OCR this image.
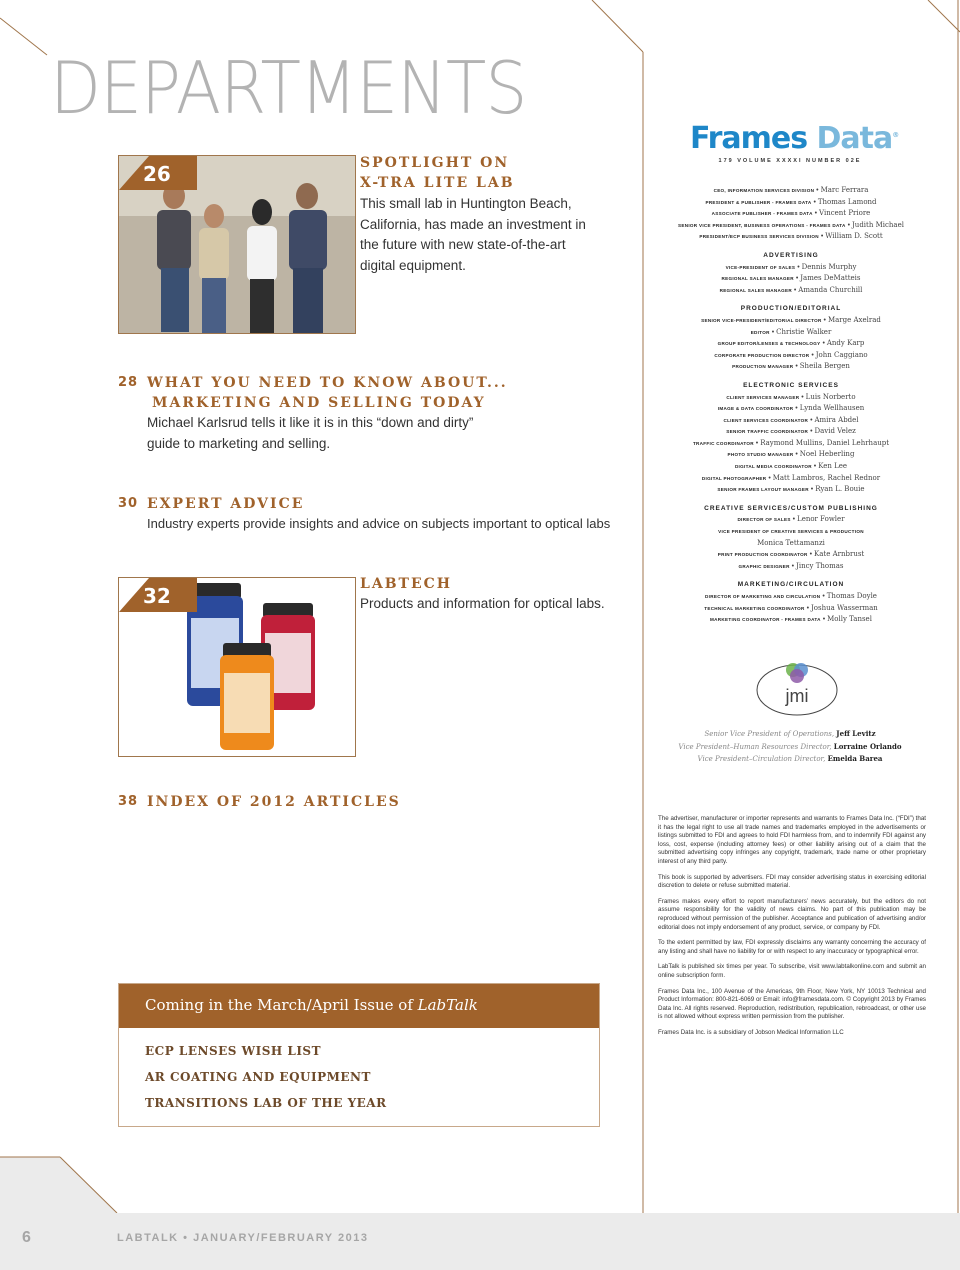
DEPARTMENTS
26	SPOTLIGHT ON
X-TRA LITE LAB
This small lab in Huntington Beach,
California, has made an investment in
the future with new state-of-the-art
digital equipment.
28 WHAT YOU NEED TO KNOW ABOUT...
MARKETING AND SELLING TODAY
Michael Karlsrud tells it like it is in this “down and dirty”
guide to marketing and selling.
30 EXPERT ADVICE
Industry experts provide insights and advice on subjects important to optical labs
32	LABTECH
Products and information for optical labs.
38 INDEX OF 2012 ARTICLES
Coming in the March/April Issue of LabTalk
ECP LENSES WISH LIST
AR COATING AND EQUIPMENT
TRANSITIONS LAB OF THE YEAR
6	LABTALK • JANUARY/FEBRUARY 2013
Frames Data®
179 VOLUME XXXXI NUMBER 02E
CEO, INFORMATION SERVICES DIVISION • Marc Ferrara
PRESIDENT & PUBLISHER - FRAMES DATA • Thomas Lamond
ASSOCIATE PUBLISHER - FRAMES DATA • Vincent Priore
SENIOR VICE PRESIDENT, BUSINESS OPERATIONS - FRAMES DATA • Judith Michael
PRESIDENT/ECP BUSINESS SERVICES DIVISION • William D. Scott
ADVERTISING
VICE-PRESIDENT OF SALES • Dennis Murphy
REGIONAL SALES MANAGER • James DeMatteis
REGIONAL SALES MANAGER • Amanda Churchill
PRODUCTION/EDITORIAL
SENIOR VICE-PRESIDENT/EDITORIAL DIRECTOR • Marge Axelrad
EDITOR • Christie Walker
GROUP EDITOR/LENSES & TECHNOLOGY • Andy Karp
CORPORATE PRODUCTION DIRECTOR • John Caggiano
PRODUCTION MANAGER • Sheila Bergen
ELECTRONIC SERVICES
CLIENT SERVICES MANAGER • Luis Norberto
IMAGE & DATA COORDINATOR • Lynda Wellhausen
CLIENT SERVICES COORDINATOR • Amira Abdel
SENIOR TRAFFIC COORDINATOR • David Velez
TRAFFIC COORDINATOR • Raymond Mullins, Daniel Lehrhaupt
PHOTO STUDIO MANAGER • Noel Heberling
DIGITAL MEDIA COORDINATOR • Ken Lee
DIGITAL PHOTOGRAPHER • Matt Lambros, Rachel Rednor
SENIOR FRAMES LAYOUT MANAGER • Ryan L. Bouie
CREATIVE SERVICES/CUSTOM PUBLISHING
DIRECTOR OF SALES • Lenor Fowler
VICE PRESIDENT OF CREATIVE SERVICES & PRODUCTION
Monica Tettamanzi
PRINT PRODUCTION COORDINATOR • Kate Arnbrust
GRAPHIC DESIGNER • Jincy Thomas
MARKETING/CIRCULATION
DIRECTOR OF MARKETING AND CIRCULATION • Thomas Doyle
TECHNICAL MARKETING COORDINATOR • Joshua Wasserman
MARKETING COORDINATOR - FRAMES DATA • Molly Tansel
jmi
Senior Vice President of Operations, Jeff Levitz
Vice President–Human Resources Director, Lorraine Orlando
Vice President–Circulation Director, Emelda Barea

The advertiser, manufacturer or importer represents and warrants to Frames Data Inc. (“FDI”) that it has the legal right to use all trade names and trademarks employed in the advertisements or listings submitted to FDI and agrees to hold FDI harmless from, and to indemnify FDI against any loss, cost, expense (including attorney fees) or other liability arising out of a claim that the submitted advertising copy infringes any copyright, trademark, trade name or other proprietary interest of any third party.

This book is supported by advertisers. FDI may consider advertising status in exercising editorial discretion to delete or refuse submitted material.

Frames makes every effort to report manufacturers’ news accurately, but the editors do not assume responsibility for the validity of news claims. No part of this publication may be reproduced without permission of the publisher. Acceptance and publication of advertising and/or editorial does not imply endorsement of any product, service, or company by FDI.

To the extent permitted by law, FDI expressly disclaims any warranty concerning the accuracy of any listing and shall have no liability for or with respect to any inaccuracy or typographical error.

LabTalk is published six times per year. To subscribe, visit www.labtalkonline.com and submit an online subscription form.

Frames Data Inc., 100 Avenue of the Americas, 9th Floor, New York, NY 10013 Technical and Product Information: 800-821-6069 or Email: info@framesdata.com. © Copyright 2013 by Frames Data Inc. All rights reserved. Reproduction, redistribution, republication, rebroadcast, or other use is not allowed without express written permission from the publisher.

Frames Data Inc. is a subsidiary of Jobson Medical Information LLC
